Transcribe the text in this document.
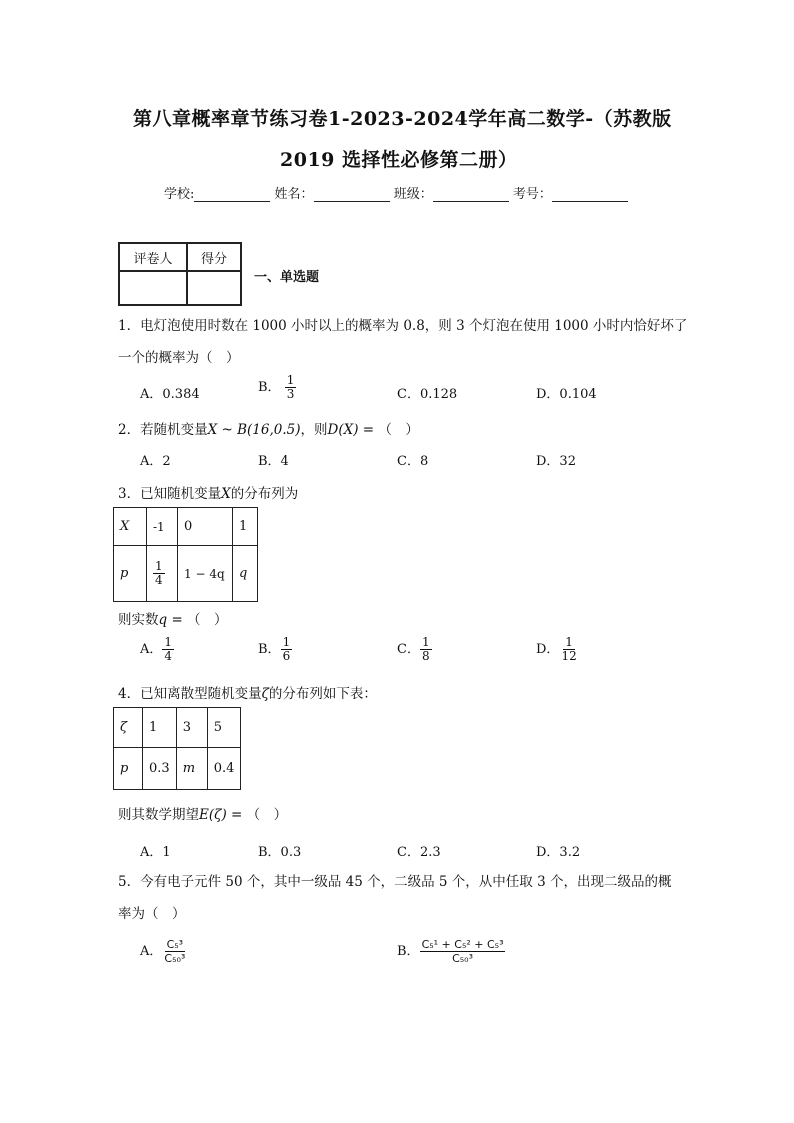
第八章概率章节练习卷1-2023-2024学年高二数学-（苏教版
2019 选择性必修第二册）
学校:	姓名：	班级：	考号：
评卷人	得分

一、单选题
1．电灯泡使用时数在 1000 小时以上的概率为 0.8，则 3 个灯泡在使用 1000 小时内恰好坏了
一个的概率为（　）
A．0.384	B． $\frac{1}{3}$	C．0.128	D．0.104
2．若随机变量X ~ B(16,0.5)，则D(X) = （　）
A．2	B．4	C．8	D．32
3．已知随机变量X的分布列为
X	-1	0	1
p	$\frac{1}{4}$	1 − 4q	q
则实数q = （　）
A． $\frac{1}{4}$	B． $\frac{1}{6}$	C． $\frac{1}{8}$	D． $\frac{1}{12}$
4．已知离散型随机变量ζ的分布列如下表：
ζ	1	3	5
p	0.3	m	0.4
则其数学期望E(ζ) = （　）
A．1	B．0.3	C．2.3	D．3.2
5．今有电子元件 50 个，其中一级品 45 个，二级品 5 个，从中任取 3 个，出现二级品的概
率为（　）
A． $\frac{\text{C₅³}}{\text{C₅₀³}}$	B． $\frac{\text{C₅¹ + C₅² + C₅³}}{\text{C₅₀³}}$
